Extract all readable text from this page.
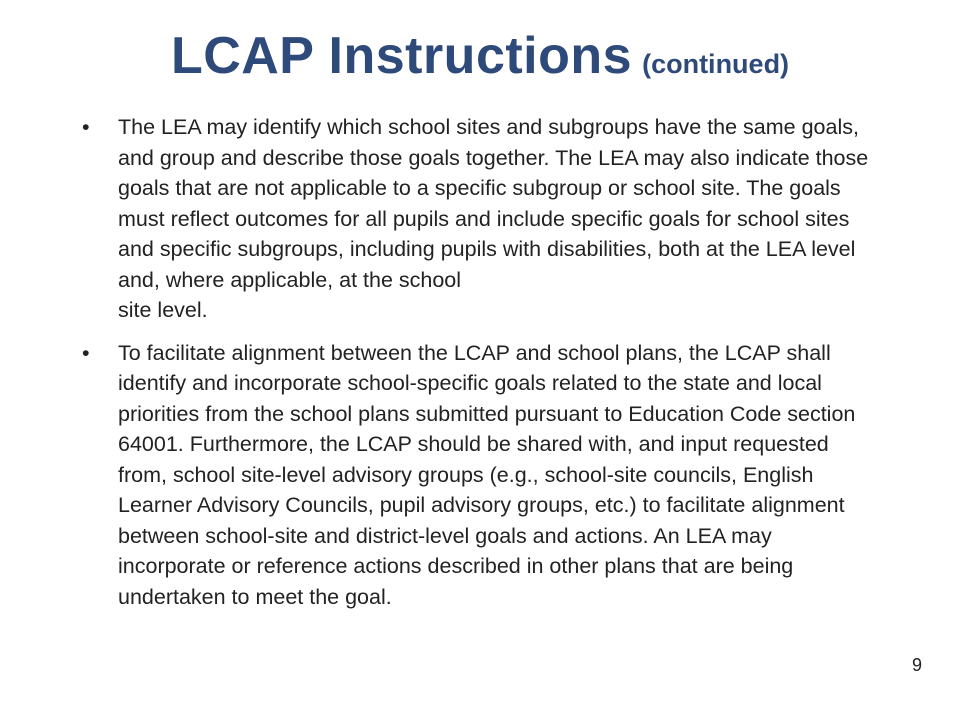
LCAP Instructions (continued)
•	The LEA may identify which school sites and subgroups have the same goals, and group and describe those goals together. The LEA may also indicate those goals that are not applicable to a specific subgroup or school site. The goals must reflect outcomes for all pupils and include specific goals for school sites and specific subgroups, including pupils with disabilities, both at the LEA level and, where applicable, at the school
site level.
•	To facilitate alignment between the LCAP and school plans, the LCAP shall identify and incorporate school-specific goals related to the state and local priorities from the school plans submitted pursuant to Education Code section 64001. Furthermore, the LCAP should be shared with, and input requested from, school site-level advisory groups (e.g., school-site councils, English Learner Advisory Councils, pupil advisory groups, etc.) to facilitate alignment between school-site and district-level goals and actions. An LEA may incorporate or reference actions described in other plans that are being undertaken to meet the goal.
9
